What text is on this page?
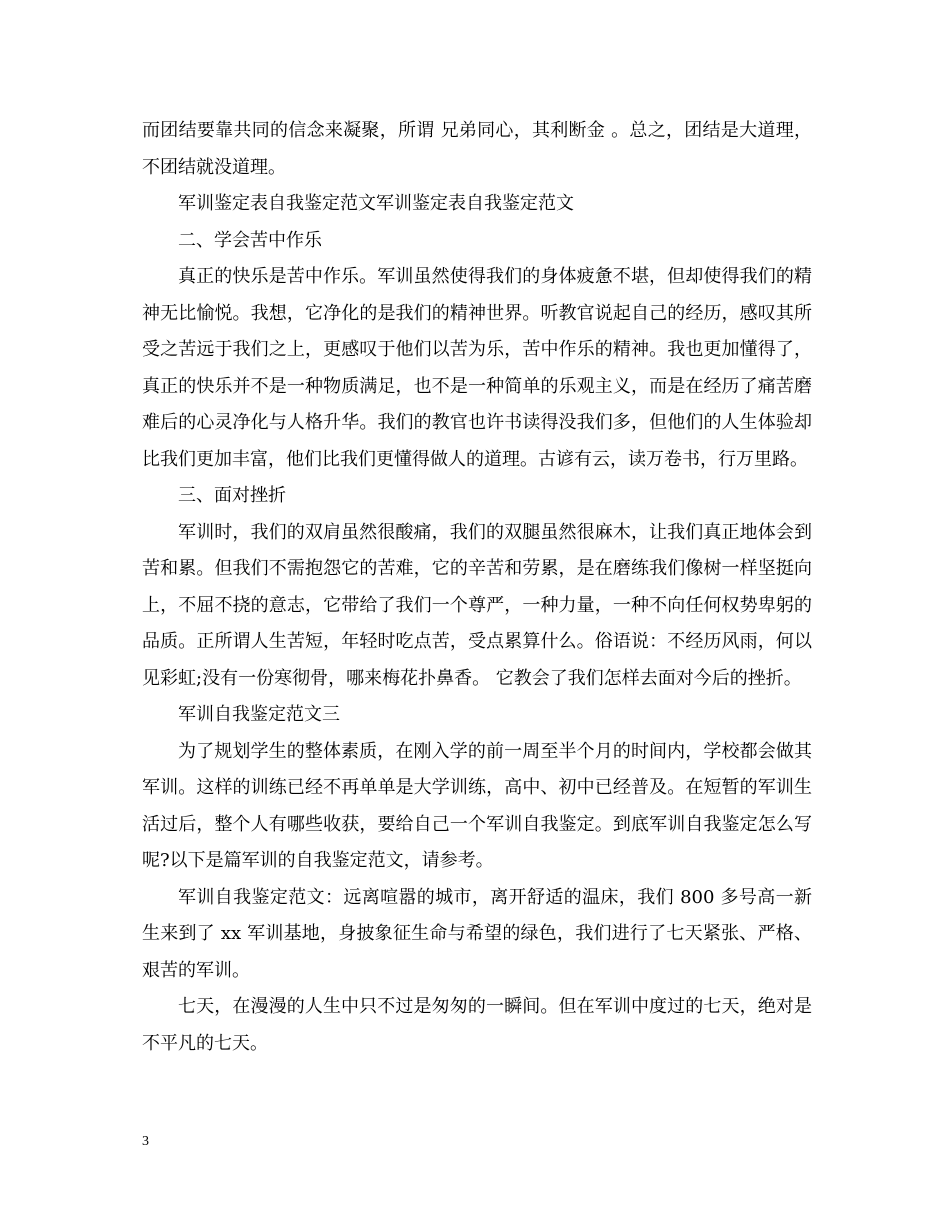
而团结要靠共同的信念来凝聚，所谓 兄弟同心，其利断金 。总之，团结是大道理，不团结就没道理。

军训鉴定表自我鉴定范文军训鉴定表自我鉴定范文

二、学会苦中作乐

真正的快乐是苦中作乐。军训虽然使得我们的身体疲惫不堪，但却使得我们的精神无比愉悦。我想，它净化的是我们的精神世界。听教官说起自己的经历，感叹其所受之苦远于我们之上，更感叹于他们以苦为乐，苦中作乐的精神。我也更加懂得了，真正的快乐并不是一种物质满足，也不是一种简单的乐观主义，而是在经历了痛苦磨难后的心灵净化与人格升华。我们的教官也许书读得没我们多，但他们的人生体验却比我们更加丰富，他们比我们更懂得做人的道理。古谚有云，读万卷书，行万里路。

三、面对挫折

军训时，我们的双肩虽然很酸痛，我们的双腿虽然很麻木，让我们真正地体会到苦和累。但我们不需抱怨它的苦难，它的辛苦和劳累，是在磨练我们像树一样坚挺向上，不屈不挠的意志，它带给了我们一个尊严，一种力量，一种不向任何权势卑躬的品质。正所谓人生苦短，年轻时吃点苦，受点累算什么。俗语说：不经历风雨，何以见彩虹;没有一份寒彻骨，哪来梅花扑鼻香。 它教会了我们怎样去面对今后的挫折。

军训自我鉴定范文三

为了规划学生的整体素质，在刚入学的前一周至半个月的时间内，学校都会做其军训。这样的训练已经不再单单是大学训练，高中、初中已经普及。在短暂的军训生活过后，整个人有哪些收获，要给自己一个军训自我鉴定。到底军训自我鉴定怎么写呢?以下是篇军训的自我鉴定范文，请参考。

军训自我鉴定范文：远离喧嚣的城市，离开舒适的温床，我们 800 多号高一新生来到了 xx 军训基地，身披象征生命与希望的绿色，我们进行了七天紧张、严格、艰苦的军训。

七天，在漫漫的人生中只不过是匆匆的一瞬间。但在军训中度过的七天，绝对是不平凡的七天。

3
